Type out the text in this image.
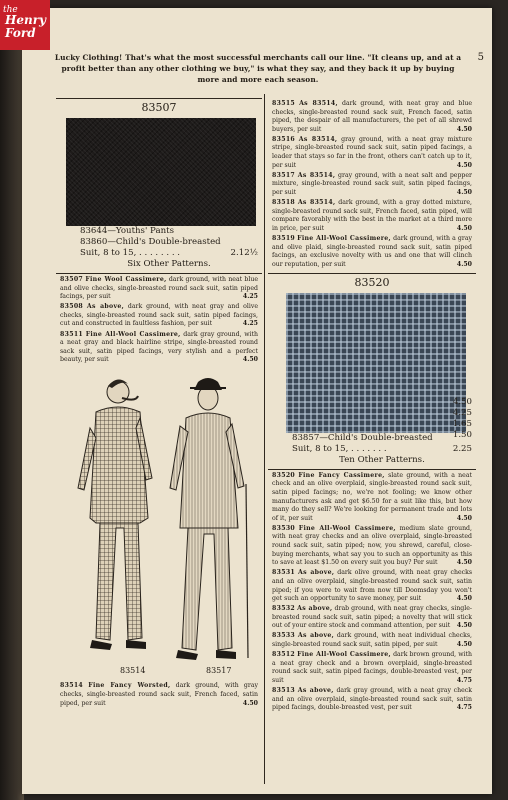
5
Lucky Clothing! That's what the most successful merchants call our line. "It cleans up, and at a profit better than any other clothing we buy," is what they say, and they back it up by buying more and more each season.
83507
83644—Youths' Pants
83860—Child's Double-breasted
Suit, 8 to 15, . . . . . . . .	2.12½
Six Other Patterns.

83507 Fine Wool Cassimere, dark ground, with neat blue and olive checks, single-breasted round sack suit, satin piped facings, per suit	4.25

83508 As above, dark ground, with neat gray and olive checks, single-breasted round sack suit, satin piped facings, cut and constructed in faultless fashion, per suit	4.25

83511 Fine All-Wool Cassimere, dark gray ground, with a neat gray and black hairline stripe, single-breasted round sack suit, satin piped facings, very stylish and a perfect beauty, per suit	4.50

83514	83517

83514 Fine Fancy Worsted, dark ground, with gray checks, single-breasted round sack suit, French faced, satin piped, per suit	4.50

83515 As 83514, dark ground, with neat gray and blue checks, single-breasted round sack suit, French faced, satin piped, the despair of all manufacturers, the pet of all shrewd buyers, per suit	4.50

83516 As 83514, gray ground, with a neat gray mixture stripe, single-breasted round sack suit, satin piped facings, a leader that stays so far in the front, others can't catch up to it, per suit	4.50

83517 As 83514, gray ground, with a neat salt and pepper mixture, single-breasted round sack suit, satin piped facings, per suit	4.50

83518 As 83514, dark ground, with a gray dotted mixture, single-breasted round sack suit, French faced, satin piped, will compare favorably with the best in the market at a third more in price, per suit	4.50

83519 Fine All-Wool Cassimere, dark ground, with a gray and olive plaid, single-breasted round sack suit, satin piped facings, an exclusive novelty with us and one that will clinch our reputation, per suit	4.50

83520
4.50
4.25
1.65
1.50
83857—Child's Double-breasted
Suit, 8 to 15, . . . . . . .	2.25
Ten Other Patterns.

83520 Fine Fancy Cassimere, slate ground, with a neat check and an olive overplaid, single-breasted round sack suit, satin piped facings; no, we're not fooling; we know other manufacturers ask and get $6.50 for a suit like this, but how many do they sell? We're looking for permanent trade and lots of it, per suit	4.50

83530 Fine All-Wool Cassimere, medium slate ground, with neat gray checks and an olive overplaid, single-breasted round sack suit, satin piped; now, you shrewd, careful, close-buying merchants, what say you to such an opportunity as this to save at least $1.50 on every suit you buy? Per suit	4.50

83531 As above, dark olive ground, with neat gray checks and an olive overplaid, single-breasted round sack suit, satin piped; if you were to wait from now till Doomsday you won't get such an opportunity to save money, per suit	4.50

83532 As above, drab ground, with neat gray checks, single-breasted round sack suit, satin piped; a novelty that will stick out of your entire stock and command attention, per suit 4.50

83533 As above, dark ground, with neat individual checks, single-breasted round sack suit, satin piped, per suit	4.50

83512 Fine All-Wool Cassimere, dark brown ground, with a neat gray check and a brown overplaid, single-breasted round sack suit, satin piped facings, double-breasted vest, per suit	4.75

83513 As above, dark gray ground, with a neat gray check and an olive overplaid, single-breasted round sack suit, satin piped facings, double-breasted vest, per suit	4.75

the
Henry Ford
